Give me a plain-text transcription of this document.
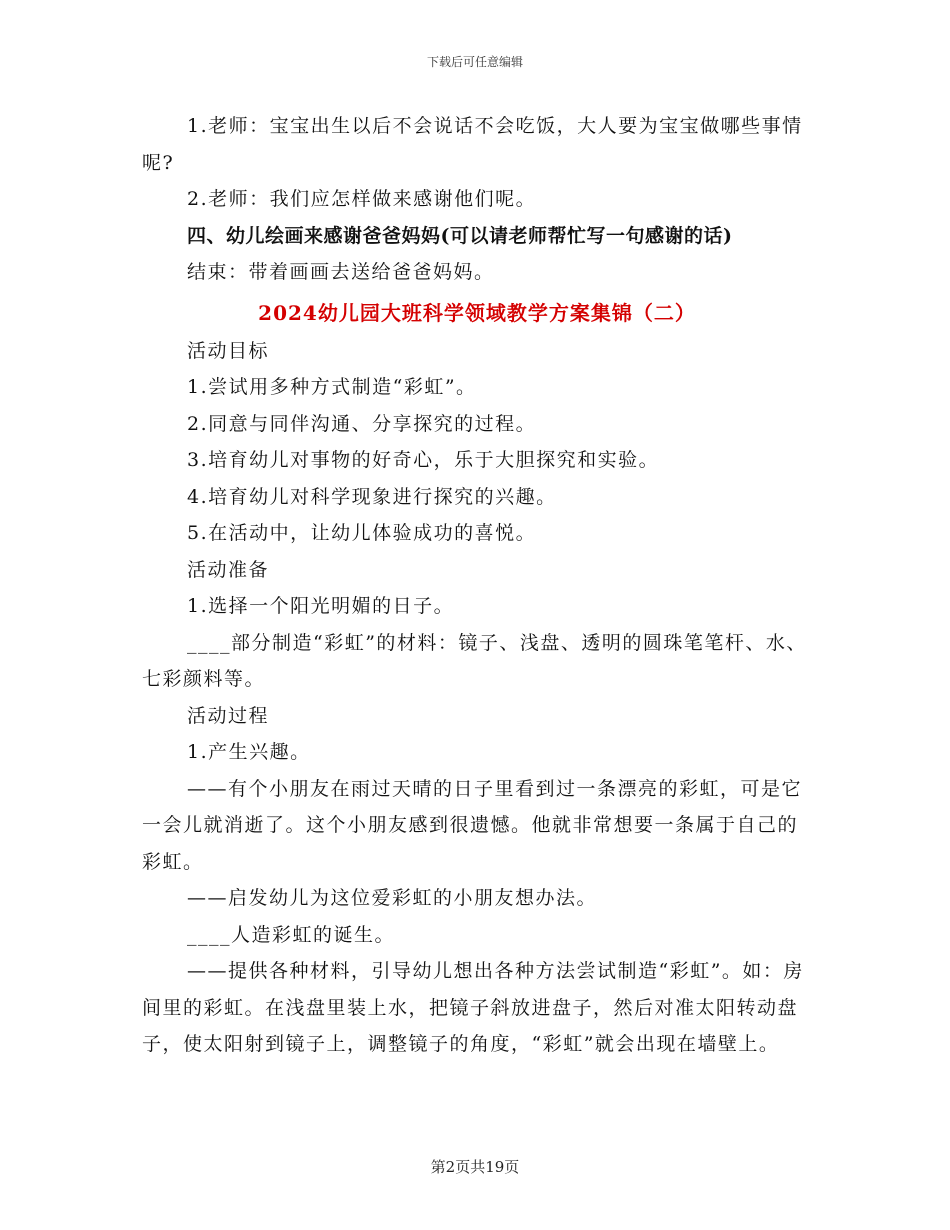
下载后可任意编辑

1.老师：宝宝出生以后不会说话不会吃饭，大人要为宝宝做哪些事情呢?

2.老师：我们应怎样做来感谢他们呢。

四、幼儿绘画来感谢爸爸妈妈(可以请老师帮忙写一句感谢的话)

结束：带着画画去送给爸爸妈妈。

2024幼儿园大班科学领域教学方案集锦（二）

活动目标

1.尝试用多种方式制造“彩虹”。

2.同意与同伴沟通、分享探究的过程。

3.培育幼儿对事物的好奇心，乐于大胆探究和实验。

4.培育幼儿对科学现象进行探究的兴趣。

5.在活动中，让幼儿体验成功的喜悦。

活动准备

1.选择一个阳光明媚的日子。

____部分制造“彩虹”的材料：镜子、浅盘、透明的圆珠笔笔杆、水、七彩颜料等。

活动过程

1.产生兴趣。

——有个小朋友在雨过天晴的日子里看到过一条漂亮的彩虹，可是它一会儿就消逝了。这个小朋友感到很遗憾。他就非常想要一条属于自己的彩虹。

——启发幼儿为这位爱彩虹的小朋友想办法。

____人造彩虹的诞生。

——提供各种材料，引导幼儿想出各种方法尝试制造“彩虹”。如：房间里的彩虹。在浅盘里装上水，把镜子斜放进盘子，然后对准太阳转动盘子，使太阳射到镜子上，调整镜子的角度，“彩虹”就会出现在墙壁上。

第2页共19页
